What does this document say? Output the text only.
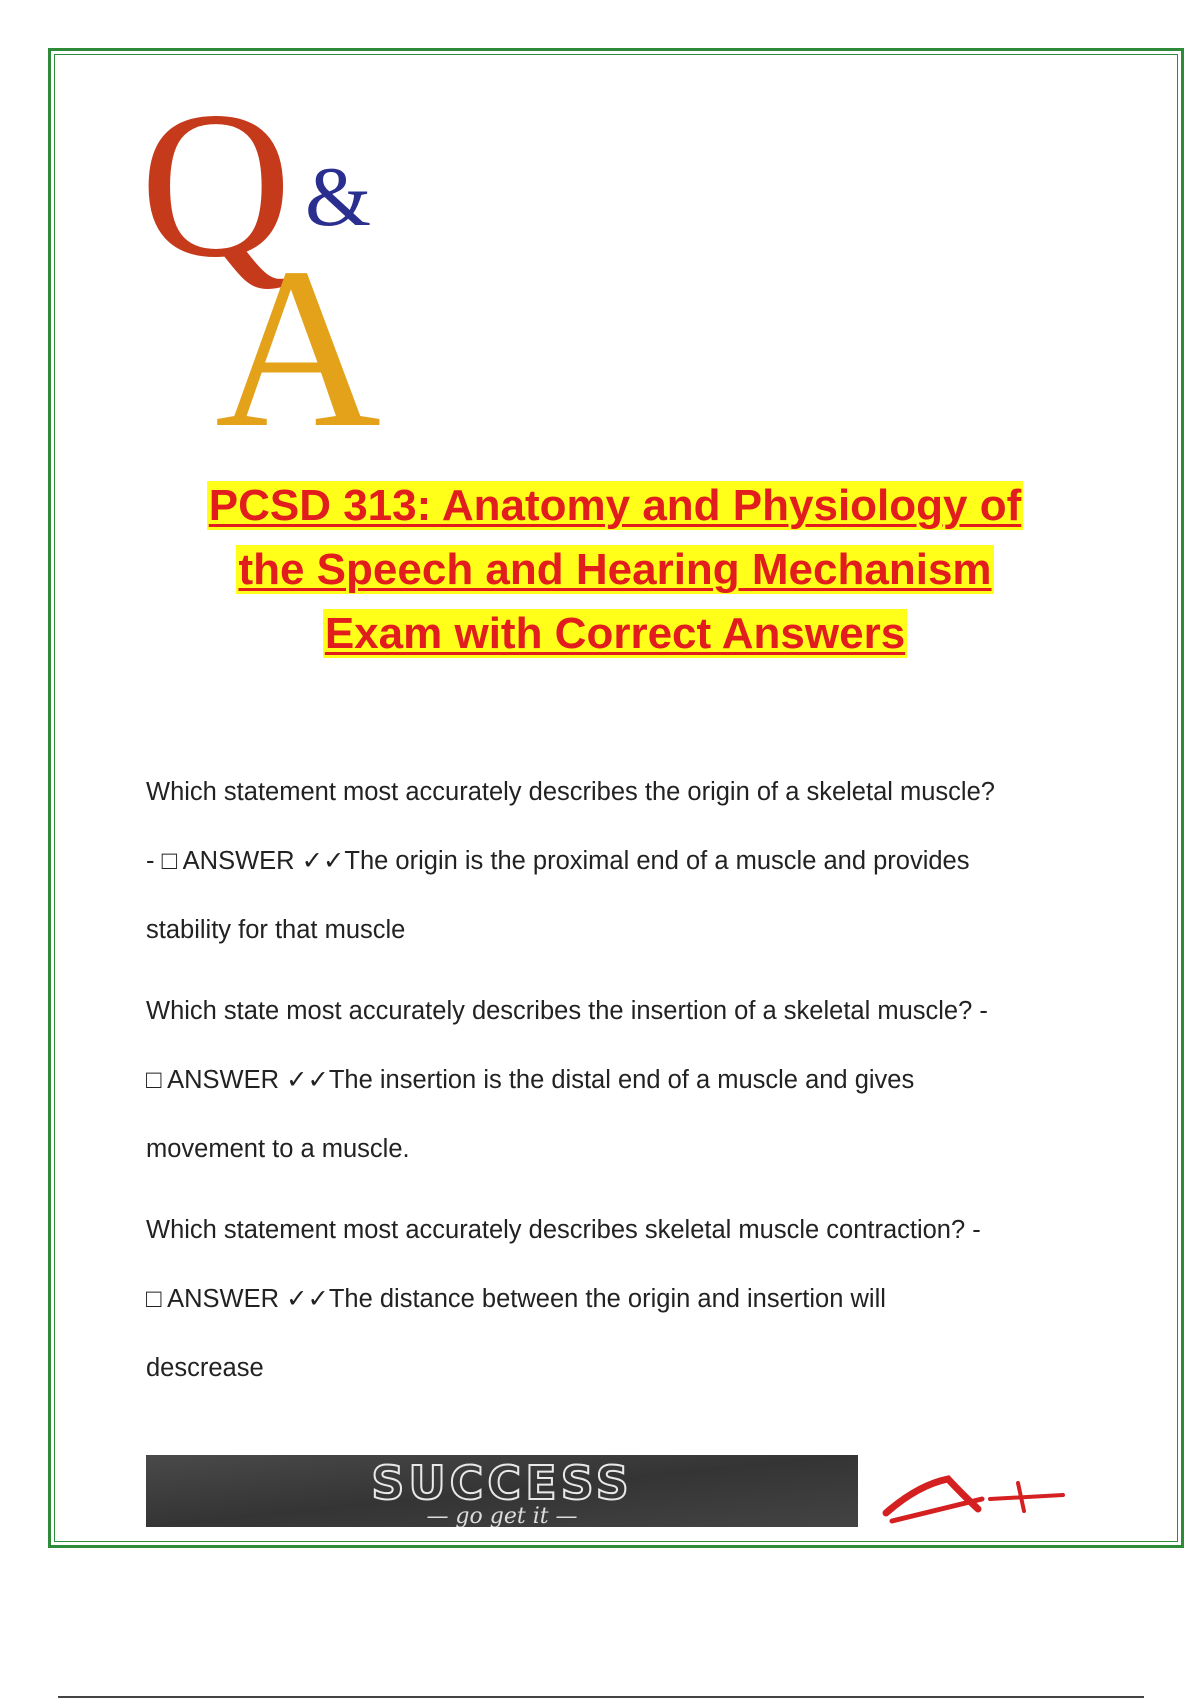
Q &
A
PCSD 313: Anatomy and Physiology of
the Speech and Hearing Mechanism
Exam with Correct Answers
Which statement most accurately describes the origin of a skeletal muscle?
- □ ANSWER ✓✓The origin is the proximal end of a muscle and provides
stability for that muscle
Which state most accurately describes the insertion of a skeletal muscle? -
□ ANSWER ✓✓The insertion is the distal end of a muscle and gives
movement to a muscle.
Which statement most accurately describes skeletal muscle contraction? -
□ ANSWER ✓✓The distance between the origin and insertion will
descrease
SUCCESS
— go get it —
A+
